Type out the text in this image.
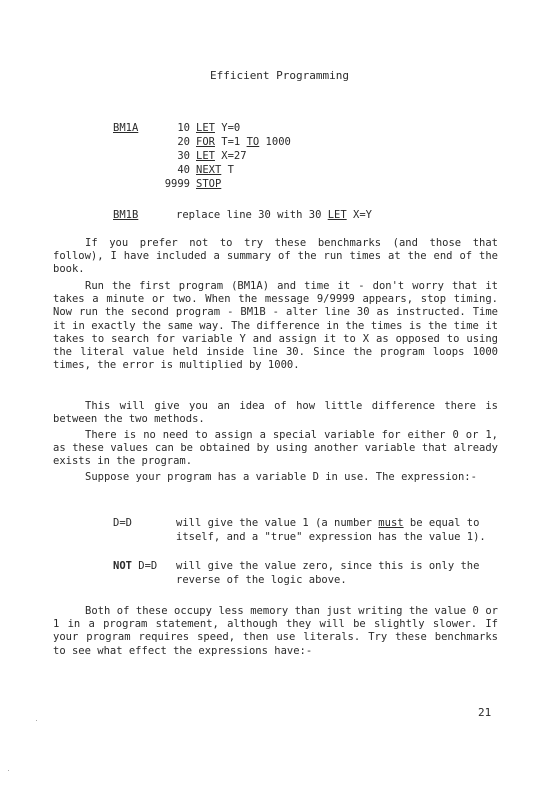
Efficient Programming
BM1A	10 LET Y=0
20 FOR T=1 TO 1000
30 LET X=27
40 NEXT T
9999 STOP
BM1B	replace line 30 with 30 LET X=Y
If you prefer not to try these benchmarks (and those that follow), I have included a summary of the run times at the end of the book.
Run the first program (BM1A) and time it - don't worry that it takes a minute or two. When the message 9/9999 appears, stop timing. Now run the second program - BM1B - alter line 30 as instructed. Time it in exactly the same way. The difference in the times is the time it takes to search for variable Y and assign it to X as opposed to using the literal value held inside line 30. Since the program loops 1000 times, the error is multiplied by 1000.
This will give you an idea of how little difference there is between the two methods.
There is no need to assign a special variable for either 0 or 1, as these values can be obtained by using another variable that already exists in the program.
Suppose your program has a variable D in use. The expression:-
D=D	will give the value 1 (a number must be equal to itself, and a "true" expression has the value 1).
NOT D=D will give the value zero, since this is only the reverse of the logic above.
Both of these occupy less memory than just writing the value 0 or 1 in a program statement, although they will be slightly slower. If your program requires speed, then use literals. Try these benchmarks to see what effect the expressions have:-
21
